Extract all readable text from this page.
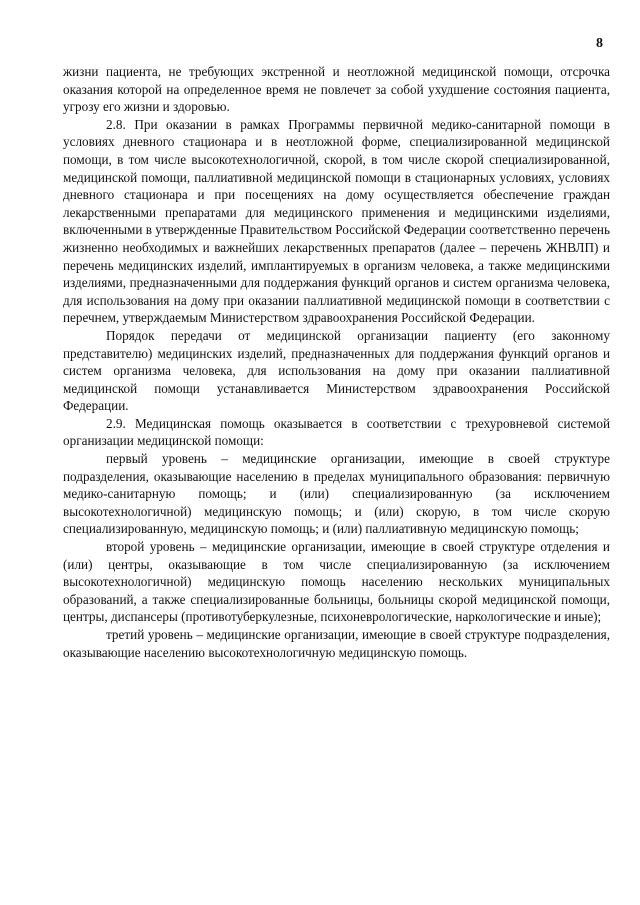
8

жизни пациента, не требующих экстренной и неотложной медицинской помощи, отсрочка оказания которой на определенное время не повлечет за собой ухудшение состояния пациента, угрозу его жизни и здоровью.

2.8. При оказании в рамках Программы первичной медико-санитарной помощи в условиях дневного стационара и в неотложной форме, специализированной медицинской помощи, в том числе высокотехнологичной, скорой, в том числе скорой специализированной, медицинской помощи, паллиативной медицинской помощи в стационарных условиях, условиях дневного стационара и при посещениях на дому осуществляется обеспечение граждан лекарственными препаратами для медицинского применения и медицинскими изделиями, включенными в утвержденные Правительством Российской Федерации соответственно перечень жизненно необходимых и важнейших лекарственных препаратов (далее – перечень ЖНВЛП) и перечень медицинских изделий, имплантируемых в организм человека, а также медицинскими изделиями, предназначенными для поддержания функций органов и систем организма человека, для использования на дому при оказании паллиативной медицинской помощи в соответствии с перечнем, утверждаемым Министерством здравоохранения Российской Федерации.

Порядок передачи от медицинской организации пациенту (его законному представителю) медицинских изделий, предназначенных для поддержания функций органов и систем организма человека, для использования на дому при оказании паллиативной медицинской помощи устанавливается Министерством здравоохранения Российской Федерации.

2.9. Медицинская помощь оказывается в соответствии с трехуровневой системой организации медицинской помощи:

первый уровень – медицинские организации, имеющие в своей структуре подразделения, оказывающие населению в пределах муниципального образования: первичную медико-санитарную помощь; и (или) специализированную (за исключением высокотехнологичной) медицинскую помощь; и (или) скорую, в том числе скорую специализированную, медицинскую помощь; и (или) паллиативную медицинскую помощь;

второй уровень – медицинские организации, имеющие в своей структуре отделения и (или) центры, оказывающие в том числе специализированную (за исключением высокотехнологичной) медицинскую помощь населению нескольких муниципальных образований, а также специализированные больницы, больницы скорой медицинской помощи, центры, диспансеры (противотуберкулезные, психоневрологические, наркологические и иные);

третий уровень – медицинские организации, имеющие в своей структуре подразделения, оказывающие населению высокотехнологичную медицинскую помощь.
